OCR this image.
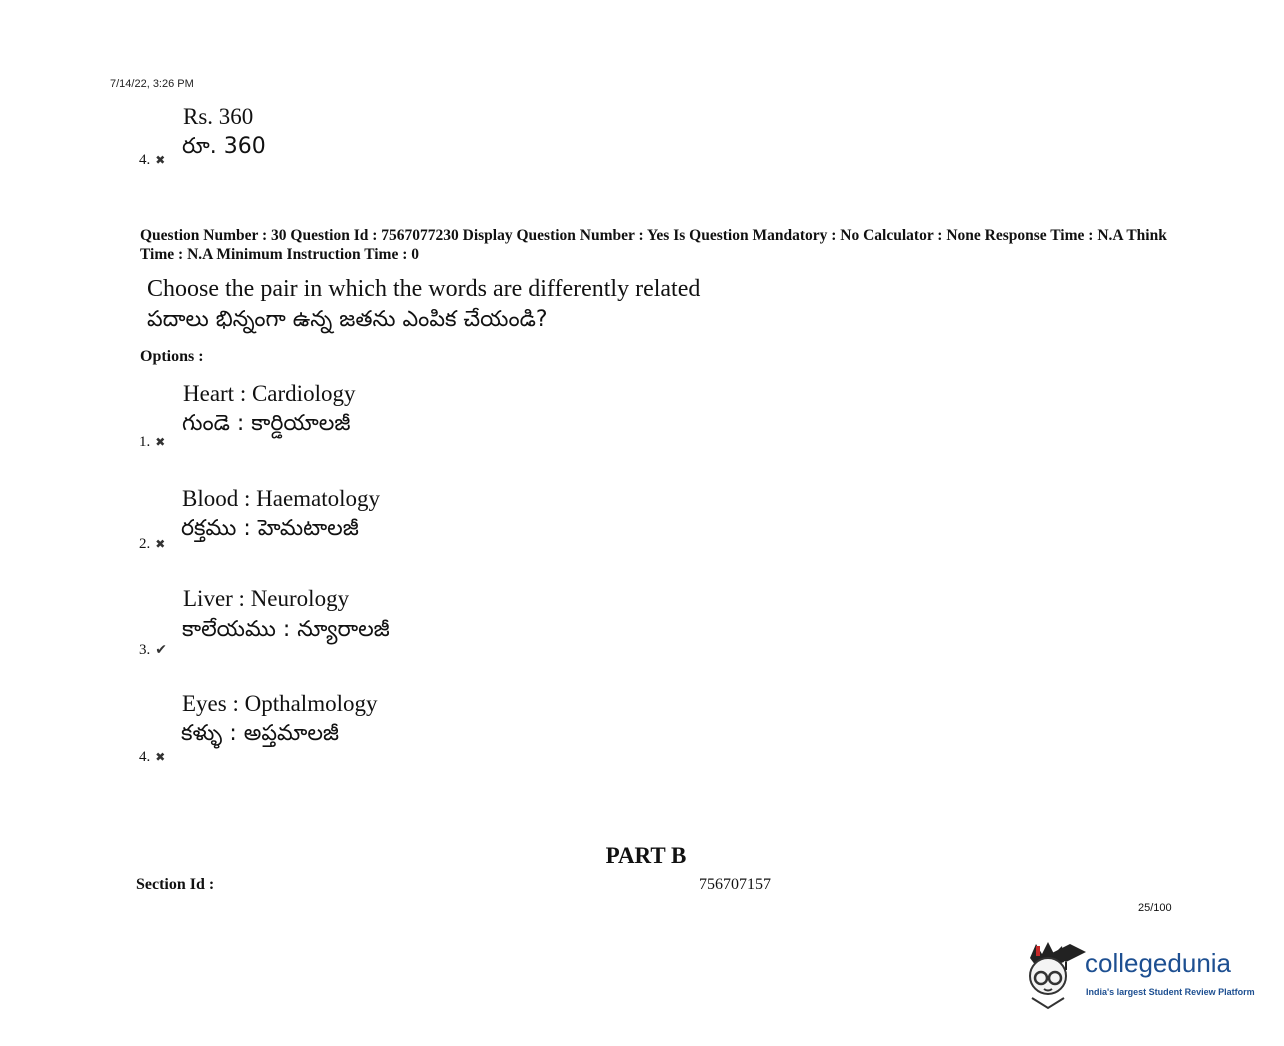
7/14/22, 3:26 PM
Rs. 360
రూ. 360
4. ✖
Question Number : 30 Question Id : 7567077230 Display Question Number : Yes Is Question Mandatory : No Calculator : None Response Time : N.A Think Time : N.A Minimum Instruction Time : 0
Choose the pair in which the words are differently related
పదాలు భిన్నంగా ఉన్న జతను ఎంపిక చేయండి?
Options :
Heart : Cardiology
గుండె : కార్డియాలజీ
1. ✖
Blood : Haematology
రక్తము : హెమటాలజీ
2. ✖
Liver : Neurology
కాలేయము : న్యూరాలజీ
3. ✔
Eyes : Opthalmology
కళ్ళు : అప్తమాలజీ
4. ✖
PART B
Section Id :	756707157
25/100
collegedunia
India's largest Student Review Platform
